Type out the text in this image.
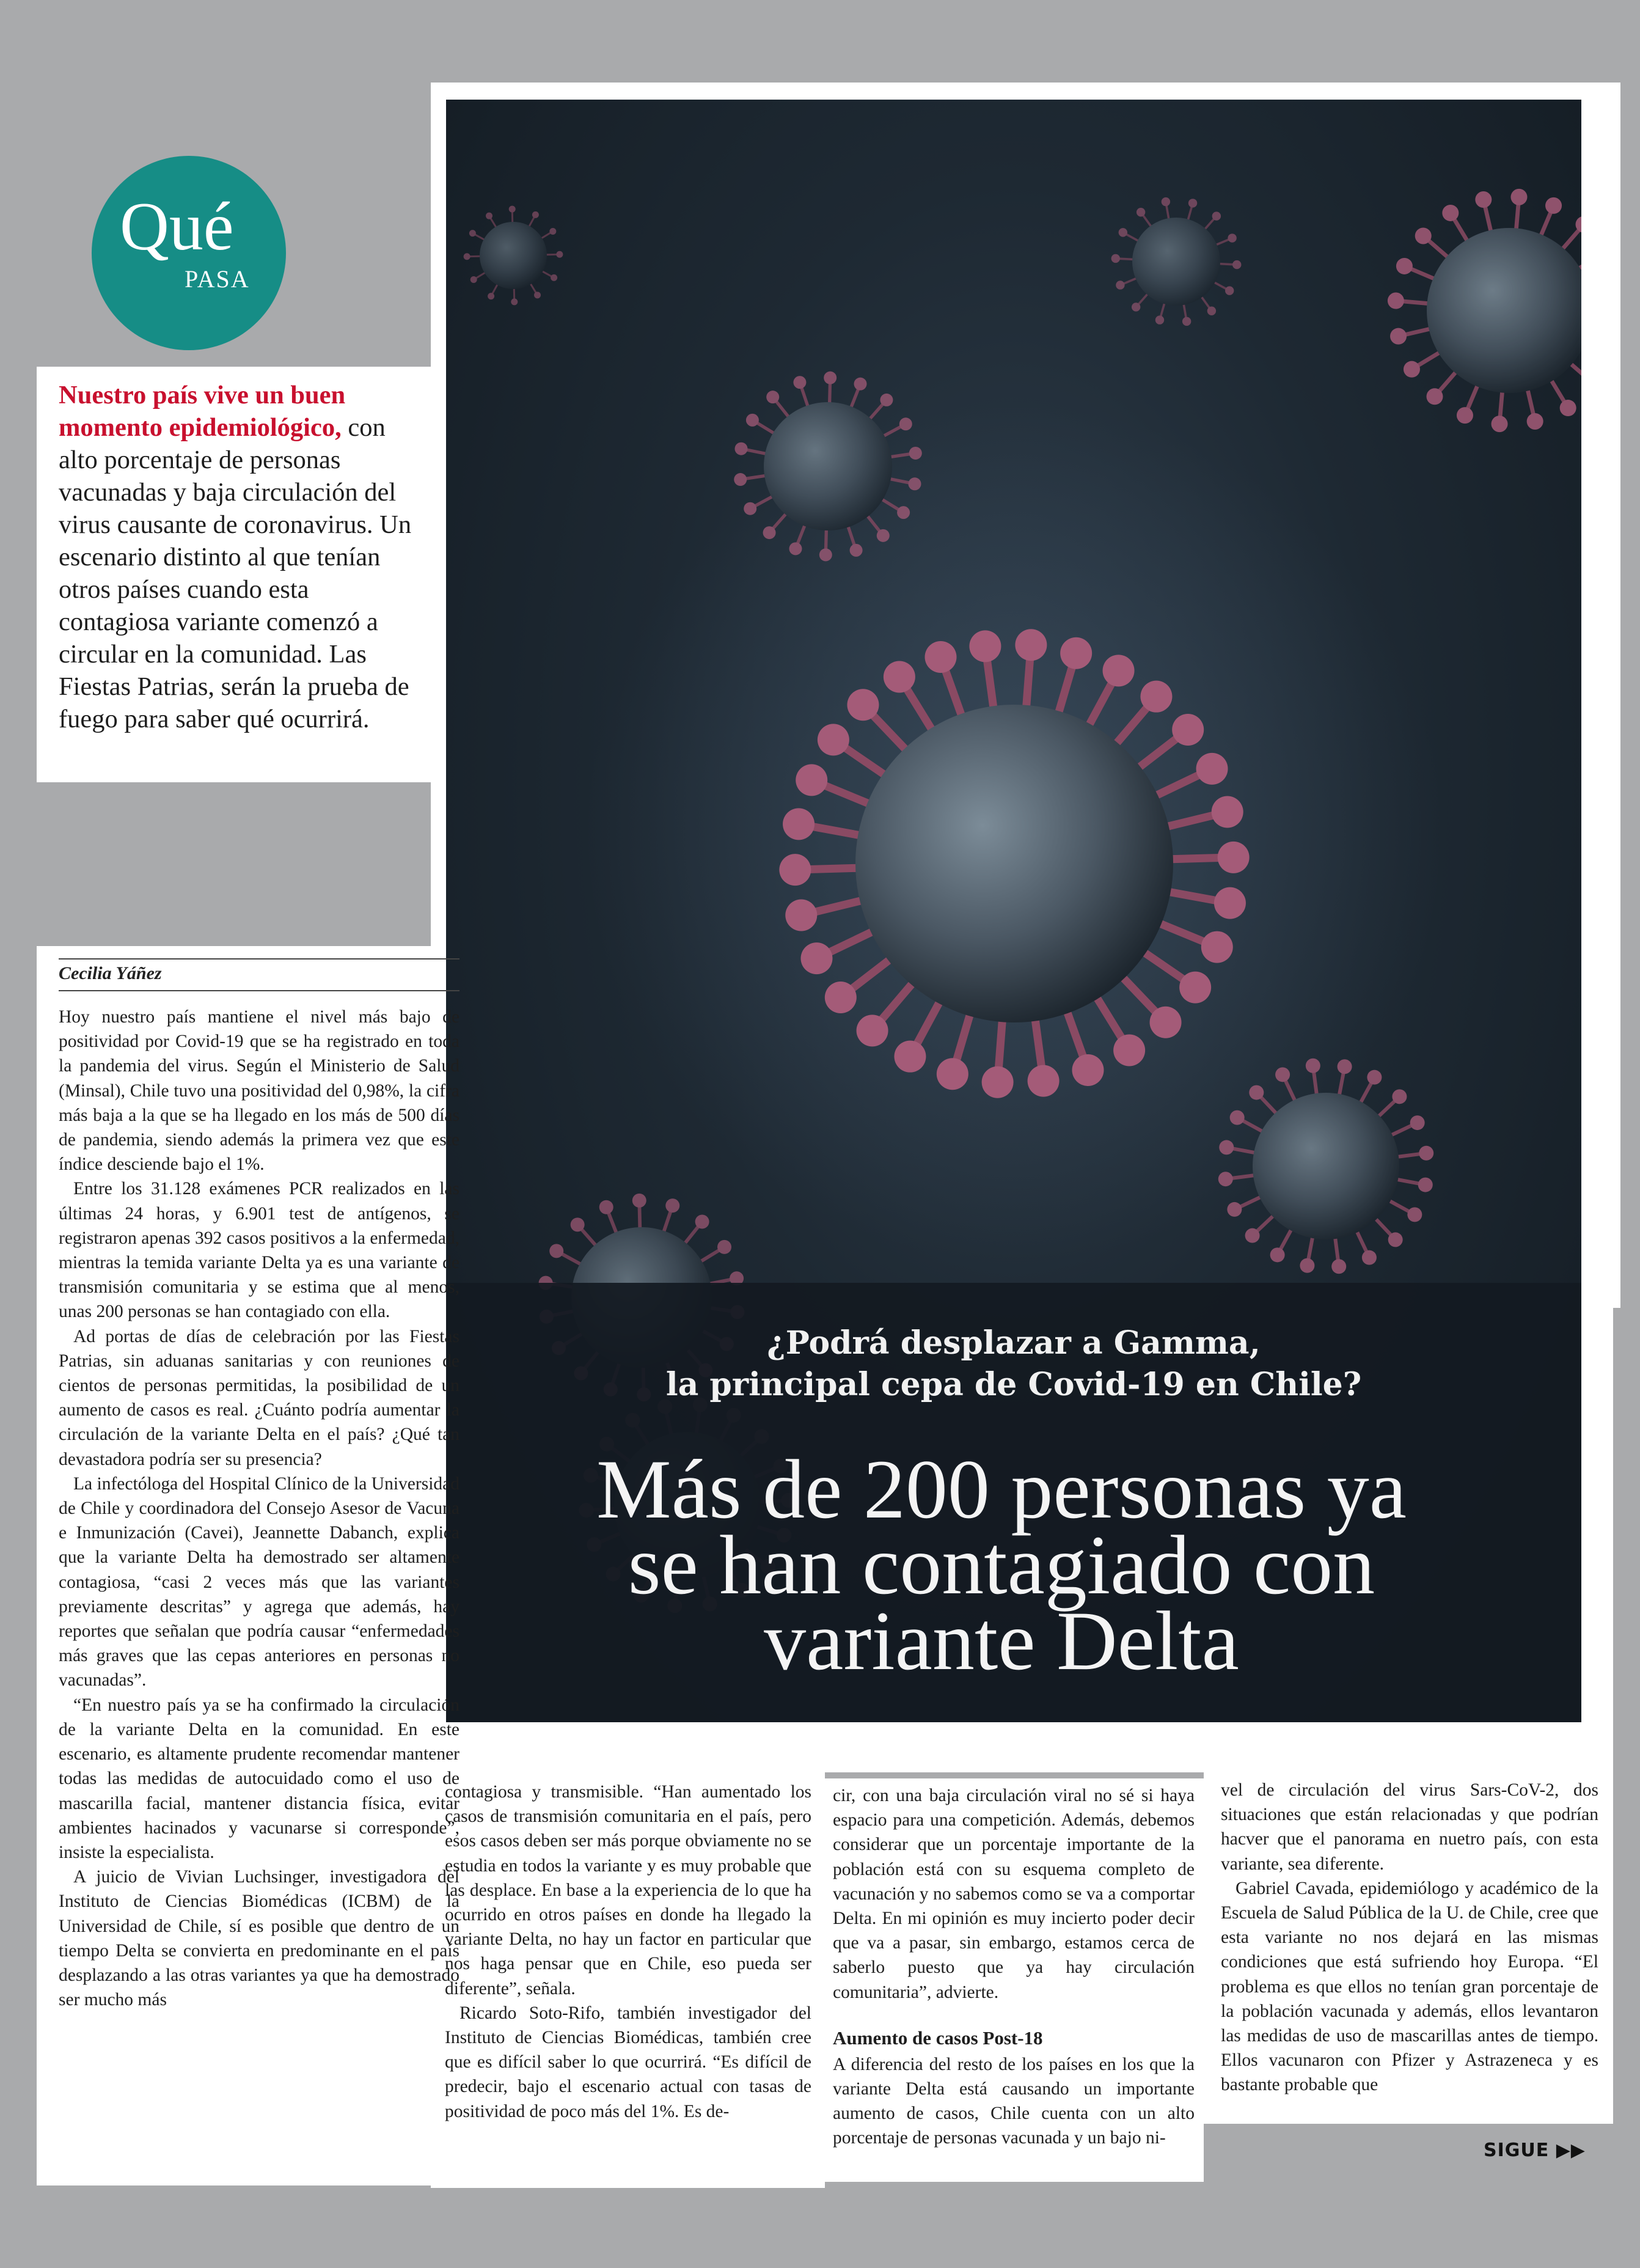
¿Podrá desplazar a Gamma,
la principal cepa de Covid-19 en Chile?
Más de 200 personas ya
se han contagiado con
variante Delta
Qué
PASA
Nuestro país vive un buen momento epidemiológico, con alto porcentaje de personas vacunadas y baja circulación del virus causante de coronavirus. Un escenario distinto al que tenían otros países cuando esta contagiosa variante comenzó a circular en la comunidad. Las Fiestas Patrias, serán la prueba de fuego para saber qué ocurrirá.
Cecilia Yáñez

Hoy nuestro país mantiene el nivel más bajo de positividad por Covid-19 que se ha registrado en toda la pandemia del virus. Según el Ministerio de Salud (Minsal), Chile tuvo una positividad del 0,98%, la cifra más baja a la que se ha llegado en los más de 500 días de pandemia, siendo además la primera vez que este índice desciende bajo el 1%.

Entre los 31.128 exámenes PCR realizados en las últimas 24 horas, y 6.901 test de antígenos, se registraron apenas 392 casos positivos a la enfermedad, mientras la temida variante Delta ya es una variante de transmisión comunitaria y se estima que al menos, unas 200 personas se han contagiado con ella.

Ad portas de días de celebración por las Fiestas Patrias, sin aduanas sanitarias y con reuniones de cientos de personas permitidas, la posibilidad de un aumento de casos es real. ¿Cuánto podría aumentar la circulación de la variante Delta en el país? ¿Qué tan devastadora podría ser su presencia?

La infectóloga del Hospital Clínico de la Universidad de Chile y coordinadora del Consejo Asesor de Vacuna e Inmunización (Cavei), Jeannette Dabanch, explica que la variante Delta ha demostrado ser altamente contagiosa, “casi 2 veces más que las variantes previamente descritas” y agrega que además, hay reportes que señalan que podría causar “enfermedades más graves que las cepas anteriores en personas no vacunadas”.

“En nuestro país ya se ha confirmado la circulación de la variante Delta en la comunidad. En este escenario, es altamente prudente recomendar mantener todas las medidas de autocuidado como el uso de mascarilla facial, mantener distancia física, evitar ambientes hacinados y vacunarse si corresponde”, insiste la especialista.

A juicio de Vivian Luchsinger, investigadora del Instituto de Ciencias Biomédicas (ICBM) de la Universidad de Chile, sí es posible que dentro de un tiempo Delta se convierta en predominante en el país desplazando a las otras variantes ya que ha demostrado ser mucho más

contagiosa y transmisible. “Han aumentado los casos de transmisión comunitaria en el país, pero esos casos deben ser más porque obviamente no se estudia en todos la variante y es muy probable que las desplace. En base a la experiencia de lo que ha ocurrido en otros países en donde ha llegado la variante Delta, no hay un factor en particular que nos haga pensar que en Chile, eso pueda ser diferente”, señala.

Ricardo Soto-Rifo, también investigador del Instituto de Ciencias Biomédicas, también cree que es difícil saber lo que ocurrirá. “Es difícil de predecir, bajo el escenario actual con tasas de positividad de poco más del 1%. Es de-

cir, con una baja circulación viral no sé si haya espacio para una competición. Además, debemos considerar que un porcentaje importante de la población está con su esquema completo de vacunación y no sabemos como se va a comportar Delta. En mi opinión es muy incierto poder decir que va a pasar, sin embargo, estamos cerca de saberlo puesto que ya hay circulación comunitaria”, advierte.

Aumento de casos Post-18

A diferencia del resto de los países en los que la variante Delta está causando un importante aumento de casos, Chile cuenta con un alto porcentaje de personas vacunada y un bajo ni-

vel de circulación del virus Sars-CoV-2, dos situaciones que están relacionadas y que podrían hacver que el panorama en nuetro país, con esta variante, sea diferente.

Gabriel Cavada, epidemiólogo y académico de la Escuela de Salud Pública de la U. de Chile, cree que esta variante no nos dejará en las mismas condiciones que está sufriendo hoy Europa. “El problema es que ellos no tenían gran porcentaje de la población vacunada y además, ellos levantaron las medidas de uso de mascarillas antes de tiempo. Ellos vacunaron con Pfizer y Astrazeneca y es bastante probable que

SIGUE ▶▶
